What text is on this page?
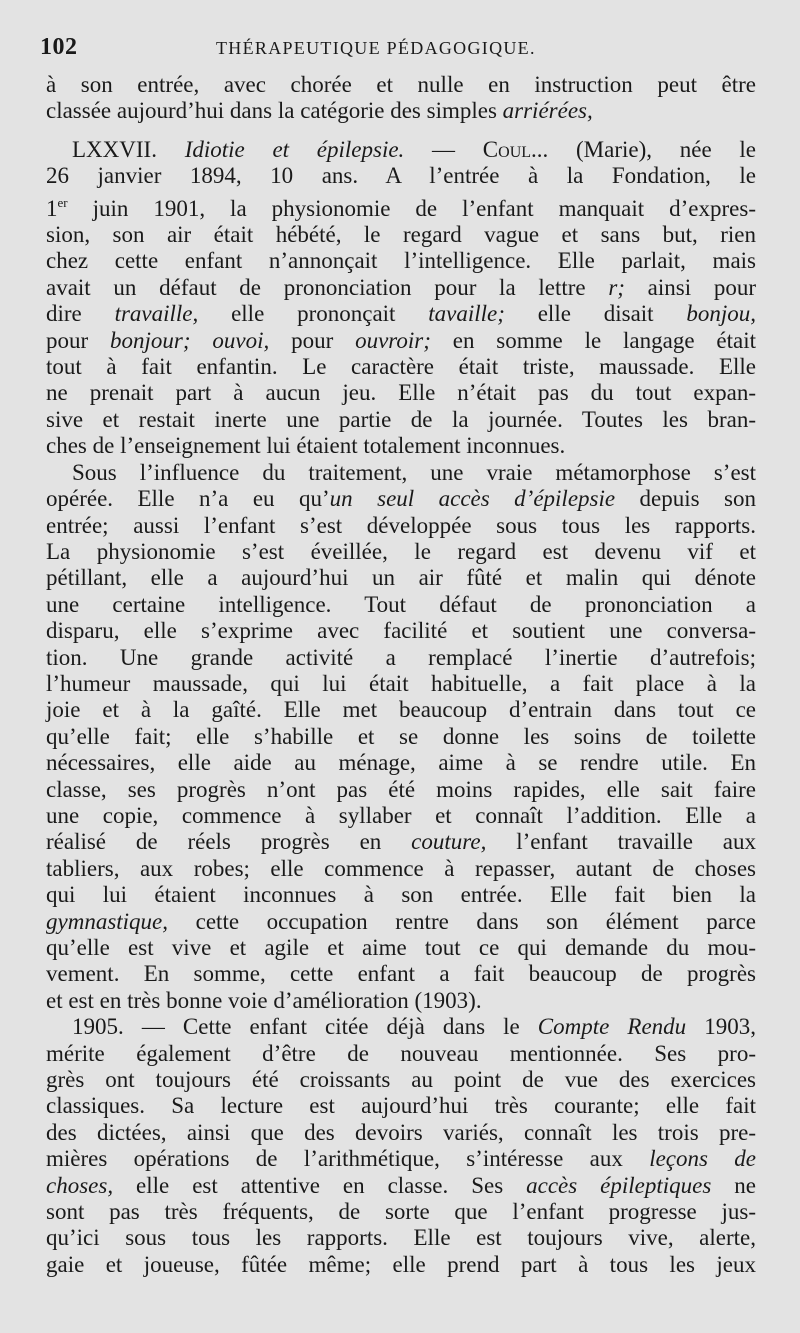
102	THÉRAPEUTIQUE PÉDAGOGIQUE.
à son entrée, avec chorée et nulle en instruction peut être
classée aujourd’hui dans la catégorie des simples arriérées,
LXXVII. Idiotie et épilepsie. — Coul... (Marie), née le
26 janvier 1894, 10 ans. A l’entrée à la Fondation, le
1er juin 1901, la physionomie de l’enfant manquait d’expres-
sion, son air était hébété, le regard vague et sans but, rien
chez cette enfant n’annonçait l’intelligence. Elle parlait, mais
avait un défaut de prononciation pour la lettre r; ainsi pour
dire travaille, elle prononçait tavaille; elle disait bonjou,
pour bonjour; ouvoi, pour ouvroir; en somme le langage était
tout à fait enfantin. Le caractère était triste, maussade. Elle
ne prenait part à aucun jeu. Elle n’était pas du tout expan-
sive et restait inerte une partie de la journée. Toutes les bran-
ches de l’enseignement lui étaient totalement inconnues.
Sous l’influence du traitement, une vraie métamorphose s’est
opérée. Elle n’a eu qu’un seul accès d’épilepsie depuis son
entrée; aussi l’enfant s’est développée sous tous les rapports.
La physionomie s’est éveillée, le regard est devenu vif et
pétillant, elle a aujourd’hui un air fûté et malin qui dénote
une certaine intelligence. Tout défaut de prononciation a
disparu, elle s’exprime avec facilité et soutient une conversa-
tion. Une grande activité a remplacé l’inertie d’autrefois;
l’humeur maussade, qui lui était habituelle, a fait place à la
joie et à la gaîté. Elle met beaucoup d’entrain dans tout ce
qu’elle fait; elle s’habille et se donne les soins de toilette
nécessaires, elle aide au ménage, aime à se rendre utile. En
classe, ses progrès n’ont pas été moins rapides, elle sait faire
une copie, commence à syllaber et connaît l’addition. Elle a
réalisé de réels progrès en couture, l’enfant travaille aux
tabliers, aux robes; elle commence à repasser, autant de choses
qui lui étaient inconnues à son entrée. Elle fait bien la
gymnastique, cette occupation rentre dans son élément parce
qu’elle est vive et agile et aime tout ce qui demande du mou-
vement. En somme, cette enfant a fait beaucoup de progrès
et est en très bonne voie d’amélioration (1903).
1905. — Cette enfant citée déjà dans le Compte Rendu 1903,
mérite également d’être de nouveau mentionnée. Ses pro-
grès ont toujours été croissants au point de vue des exercices
classiques. Sa lecture est aujourd’hui très courante; elle fait
des dictées, ainsi que des devoirs variés, connaît les trois pre-
mières opérations de l’arithmétique, s’intéresse aux leçons de
choses, elle est attentive en classe. Ses accès épileptiques ne
sont pas très fréquents, de sorte que l’enfant progresse jus-
qu’ici sous tous les rapports. Elle est toujours vive, alerte,
gaie et joueuse, fûtée même; elle prend part à tous les jeux
